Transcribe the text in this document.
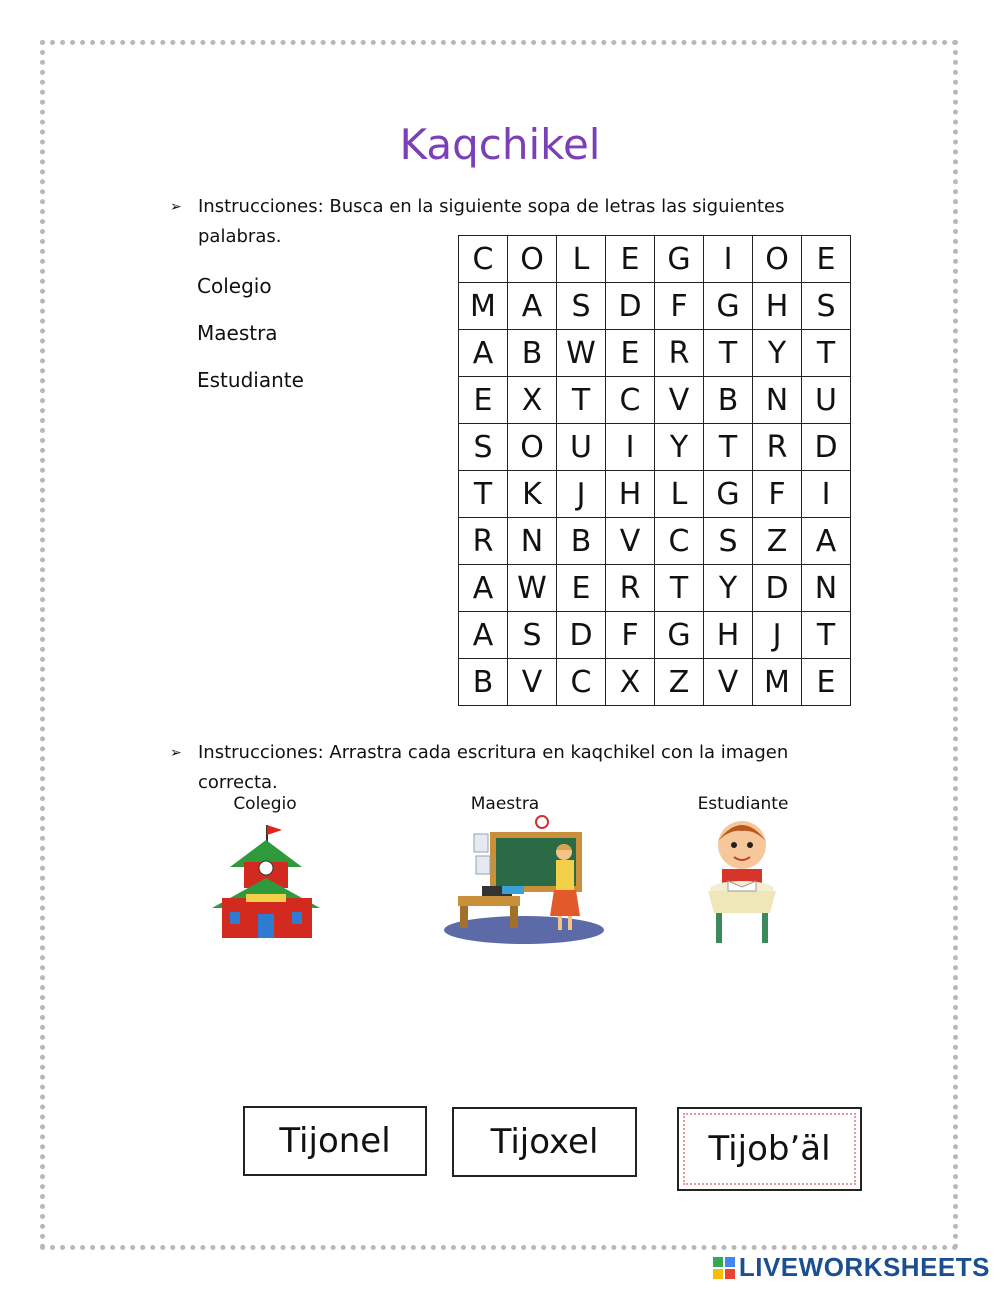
Kaqchikel
➢ Instrucciones: Busca en la siguiente sopa de letras las siguientes palabras.
Colegio
Maestra
Estudiante
C	O	L	E	G	I	O	E
M	A	S	D	F	G	H	S
A	B	W	E	R	T	Y	T
E	X	T	C	V	B	N	U
S	O	U	I	Y	T	R	D
T	K	J	H	L	G	F	I
R	N	B	V	C	S	Z	A
A	W	E	R	T	Y	D	N
A	S	D	F	G	H	J	T
B	V	C	X	Z	V	M	E
➢ Instrucciones: Arrastra cada escritura en kaqchikel con la imagen correcta.
Colegio	Maestra	Estudiante
Tijonel	Tijoxel	Tijob’äl
LIVEWORKSHEETS
